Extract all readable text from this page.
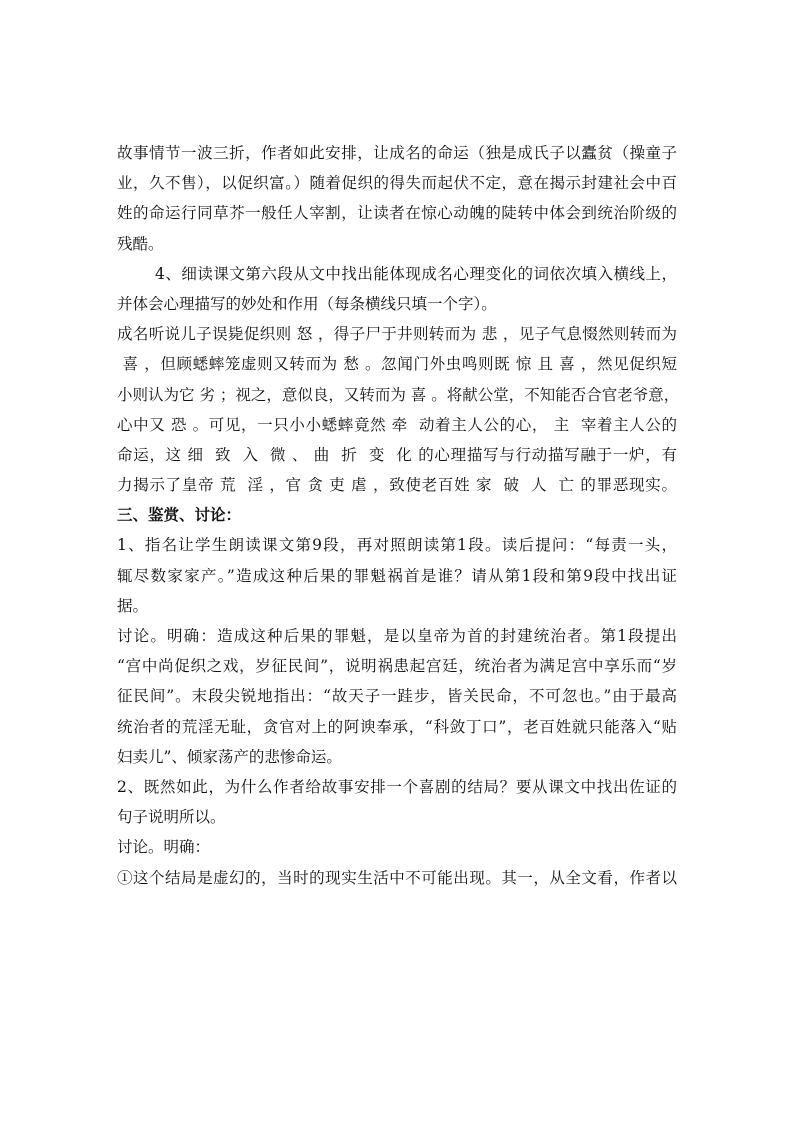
故事情节一波三折，作者如此安排，让成名的命运（独是成氏子以蠹贫（操童子
业，久不售），以促织富。）随着促织的得失而起伏不定，意在揭示封建社会中百
姓的命运行同草芥一般任人宰割，让读者在惊心动魄的陡转中体会到统治阶级的
残酷。
4、细读课文第六段从文中找出能体现成名心理变化的词依次填入横线上，
并体会心理描写的妙处和作用（每条横线只填一个字）。
成名听说儿子误毙促织则 怒 ，得子尸于井则转而为 悲 ，见子气息惙然则转而为
喜 ，但顾蟋蟀笼虚则又转而为 愁 。忽闻门外虫鸣则既 惊 且 喜 ，然见促织短
小则认为它 劣 ；视之，意似良，又转而为 喜 。将献公堂，不知能否合官老爷意，
心中又 恐 。可见，一只小小蟋蟀竟然 牵  动着主人公的心， 主  宰着主人公的
命运，这 细  致  入  微 、 曲  折  变  化 的心理描写与行动描写融于一炉，有
力揭示了皇帝 荒  淫 ，官 贪 吏 虐 ，致使老百姓 家  破  人  亡 的罪恶现实。
三、鉴赏、讨论：
1、指名让学生朗读课文第9段，再对照朗读第1段。读后提问：“每责一头，
辄尽数家家产。”造成这种后果的罪魁祸首是谁？请从第1段和第9段中找出证
据。
讨论。明确：造成这种后果的罪魁，是以皇帝为首的封建统治者。第1段提出
“宫中尚促织之戏，岁征民间”，说明祸患起宫廷，统治者为满足宫中享乐而“岁
征民间”。末段尖锐地指出：“故天子一跬步，皆关民命，不可忽也。”由于最高
统治者的荒淫无耻，贪官对上的阿谀奉承，“科敛丁口”，老百姓就只能落入“贴
妇卖儿”、倾家荡产的悲惨命运。
2、既然如此，为什么作者给故事安排一个喜剧的结局？要从课文中找出佐证的
句子说明所以。
讨论。明确：
①这个结局是虚幻的，当时的现实生活中不可能出现。其一，从全文看，作者以
